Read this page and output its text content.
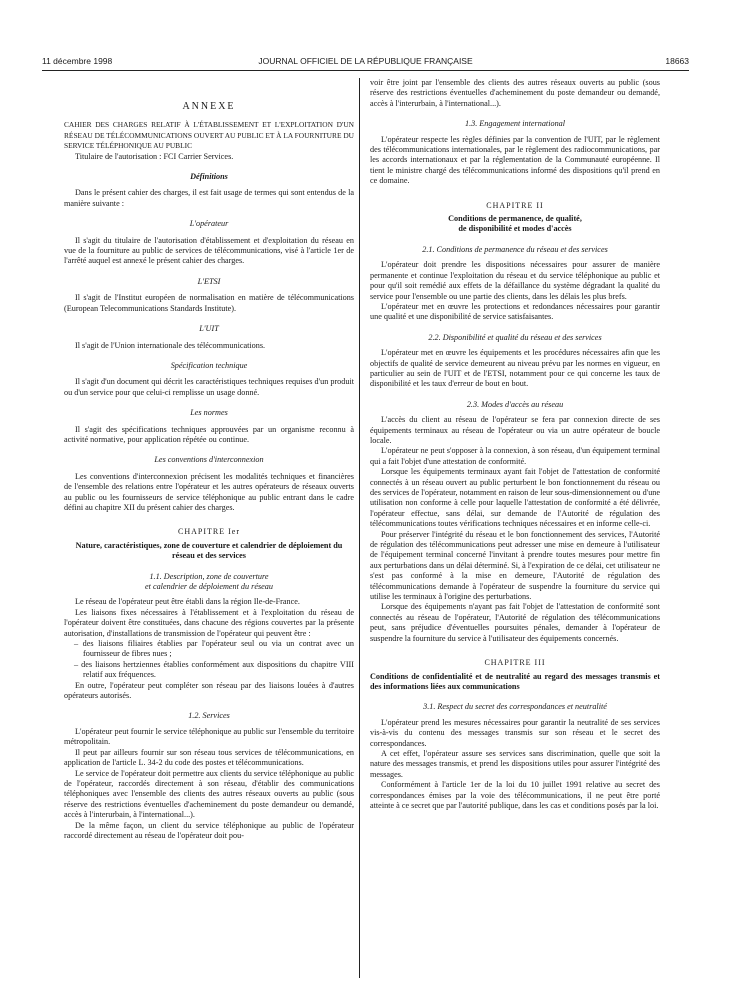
11 décembre 1998	JOURNAL OFFICIEL DE LA RÉPUBLIQUE FRANÇAISE	18663
ANNEXE

CAHIER DES CHARGES RELATIF À L'ÉTABLISSEMENT ET L'EXPLOITATION D'UN RÉSEAU DE TÉLÉCOMMUNICATIONS OUVERT AU PUBLIC ET À LA FOURNITURE DU SERVICE TÉLÉPHONIQUE AU PUBLIC

Titulaire de l'autorisation : FCI Carrier Services.

Définitions

Dans le présent cahier des charges, il est fait usage de termes qui sont entendus de la manière suivante :

L'opérateur

Il s'agit du titulaire de l'autorisation d'établissement et d'exploitation du réseau en vue de la fourniture au public de services de télécommunications, visé à l'article 1er de l'arrêté auquel est annexé le présent cahier des charges.

L'ETSI

Il s'agit de l'Institut européen de normalisation en matière de télécommunications (European Telecommunications Standards Institute).

L'UIT

Il s'agit de l'Union internationale des télécommunications.

Spécification technique

Il s'agit d'un document qui décrit les caractéristiques techniques requises d'un produit ou d'un service pour que celui-ci remplisse un usage donné.

Les normes

Il s'agit des spécifications techniques approuvées par un organisme reconnu à activité normative, pour application répétée ou continue.

Les conventions d'interconnexion

Les conventions d'interconnexion précisent les modalités techniques et financières de l'ensemble des relations entre l'opérateur et les autres opérateurs de réseaux ouverts au public ou les fournisseurs de service téléphonique au public entrant dans le cadre défini au chapitre XII du présent cahier des charges.

CHAPITRE Ier
Nature, caractéristiques, zone de couverture et calendrier de déploiement du réseau et des services
1.1. Description, zone de couverture
et calendrier de déploiement du réseau

Le réseau de l'opérateur peut être établi dans la région Ile-de-France.

Les liaisons fixes nécessaires à l'établissement et à l'exploitation du réseau de l'opérateur doivent être constituées, dans chacune des régions couvertes par la présente autorisation, d'installations de transmission de l'opérateur qui peuvent être :

– des liaisons filiaires établies par l'opérateur seul ou via un contrat avec un fournisseur de fibres nues ;
– des liaisons hertziennes établies conformément aux dispositions du chapitre VIII relatif aux fréquences.

En outre, l'opérateur peut compléter son réseau par des liaisons louées à d'autres opérateurs autorisés.

1.2. Services

L'opérateur peut fournir le service téléphonique au public sur l'ensemble du territoire métropolitain.

Il peut par ailleurs fournir sur son réseau tous services de télécommunications, en application de l'article L. 34-2 du code des postes et télécommunications.

Le service de l'opérateur doit permettre aux clients du service téléphonique au public de l'opérateur, raccordés directement à son réseau, d'établir des communications téléphoniques avec l'ensemble des clients des autres réseaux ouverts au public (sous réserve des restrictions éventuelles d'acheminement du poste demandeur ou demandé, accès à l'interurbain, à l'international...).

De la même façon, un client du service téléphonique au public de l'opérateur raccordé directement au réseau de l'opérateur doit pou-

voir être joint par l'ensemble des clients des autres réseaux ouverts au public (sous réserve des restrictions éventuelles d'acheminement du poste demandeur ou demandé, accès à l'interurbain, à l'international...).

1.3. Engagement international

L'opérateur respecte les règles définies par la convention de l'UIT, par le règlement des télécommunications internationales, par le règlement des radiocommunications, par les accords internationaux et par la réglementation de la Communauté européenne. Il tient le ministre chargé des télécommunications informé des dispositions qu'il prend en ce domaine.

CHAPITRE II
Conditions de permanence, de qualité,
de disponibilité et modes d'accès
2.1. Conditions de permanence du réseau et des services

L'opérateur doit prendre les dispositions nécessaires pour assurer de manière permanente et continue l'exploitation du réseau et du service téléphonique au public et pour qu'il soit remédié aux effets de la défaillance du système dégradant la qualité du service pour l'ensemble ou une partie des clients, dans les délais les plus brefs.

L'opérateur met en œuvre les protections et redondances nécessaires pour garantir une qualité et une disponibilité de service satisfaisantes.

2.2. Disponibilité et qualité du réseau et des services

L'opérateur met en œuvre les équipements et les procédures nécessaires afin que les objectifs de qualité de service demeurent au niveau prévu par les normes en vigueur, en particulier au sein de l'UIT et de l'ETSI, notamment pour ce qui concerne les taux de disponibilité et les taux d'erreur de bout en bout.

2.3. Modes d'accès au réseau

L'accès du client au réseau de l'opérateur se fera par connexion directe de ses équipements terminaux au réseau de l'opérateur ou via un autre opérateur de boucle locale.

L'opérateur ne peut s'opposer à la connexion, à son réseau, d'un équipement terminal qui a fait l'objet d'une attestation de conformité.

Lorsque les équipements terminaux ayant fait l'objet de l'attestation de conformité connectés à un réseau ouvert au public perturbent le bon fonctionnement du réseau ou des services de l'opérateur, notamment en raison de leur sous-dimensionnement ou d'une utilisation non conforme à celle pour laquelle l'attestation de conformité a été délivrée, l'opérateur effectue, sans délai, sur demande de l'Autorité de régulation des télécommunications toutes vérifications techniques nécessaires et en informe celle-ci.

Pour préserver l'intégrité du réseau et le bon fonctionnement des services, l'Autorité de régulation des télécommunications peut adresser une mise en demeure à l'utilisateur de l'équipement terminal concerné l'invitant à prendre toutes mesures pour mettre fin aux perturbations dans un délai déterminé. Si, à l'expiration de ce délai, cet utilisateur ne s'est pas conformé à la mise en demeure, l'Autorité de régulation des télécommunications demande à l'opérateur de suspendre la fourniture du service qui utilise les terminaux à l'origine des perturbations.

Lorsque des équipements n'ayant pas fait l'objet de l'attestation de conformité sont connectés au réseau de l'opérateur, l'Autorité de régulation des télécommunications peut, sans préjudice d'éventuelles poursuites pénales, demander à l'opérateur de suspendre la fourniture du service à l'utilisateur des équipements concernés.

CHAPITRE III
Conditions de confidentialité et de neutralité au regard des messages transmis et des informations liées aux communications
3.1. Respect du secret des correspondances et neutralité

L'opérateur prend les mesures nécessaires pour garantir la neutralité de ses services vis-à-vis du contenu des messages transmis sur son réseau et le secret des correspondances.

A cet effet, l'opérateur assure ses services sans discrimination, quelle que soit la nature des messages transmis, et prend les dispositions utiles pour assurer l'intégrité des messages.

Conformément à l'article 1er de la loi du 10 juillet 1991 relative au secret des correspondances émises par la voie des télécommunications, il ne peut être porté atteinte à ce secret que par l'autorité publique, dans les cas et conditions posés par la loi.
